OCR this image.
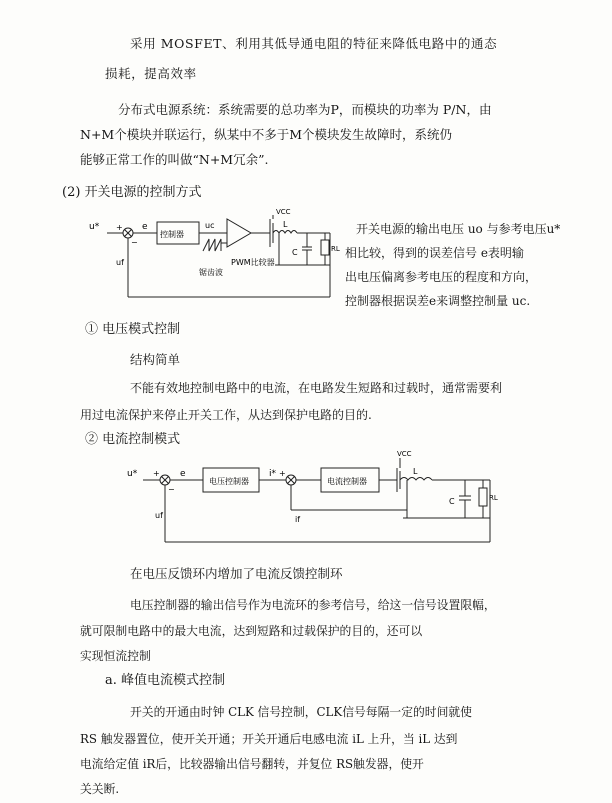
采用 MOSFET、利用其低导通电阻的特征来降低电路中的通态
损耗，提高效率
分布式电源系统：系统需要的总功率为P，而模块的功率为 P/N，由
N+M个模块并联运行，纵某中不多于M个模块发生故障时，系统仍
能够正常工作的叫做“N+M冗余”.
(2) 开关电源的控制方式
u* +
−
e
控制器
uc
VCC
L
C	RL
PWM比较器
锯齿波
uf
开关电源的输出电压 uo 与参考电压u*
相比较，得到的误差信号 e表明输
出电压偏离参考电压的程度和方向，
控制器根据误差e来调整控制量 uc.
① 电压模式控制
结构简单
不能有效地控制电路中的电流，在电路发生短路和过载时，通常需要利
用过电流保护来停止开关工作，从达到保护电路的目的.
② 电流控制模式
u* +
−
e
电压控制器
i* +
电流控制器
VCC
L
C	RL
if
uf
在电压反馈环内增加了电流反馈控制环
电压控制器的输出信号作为电流环的参考信号，给这一信号设置限幅，
就可限制电路中的最大电流，达到短路和过载保护的目的，还可以
实现恒流控制
a. 峰值电流模式控制
开关的开通由时钟 CLK 信号控制，CLK信号每隔一定的时间就使
RS 触发器置位，使开关开通；开关开通后电感电流 iL 上升，当 iL 达到
电流给定值 iR后，比较器输出信号翻转，并复位 RS触发器，使开
关关断.
